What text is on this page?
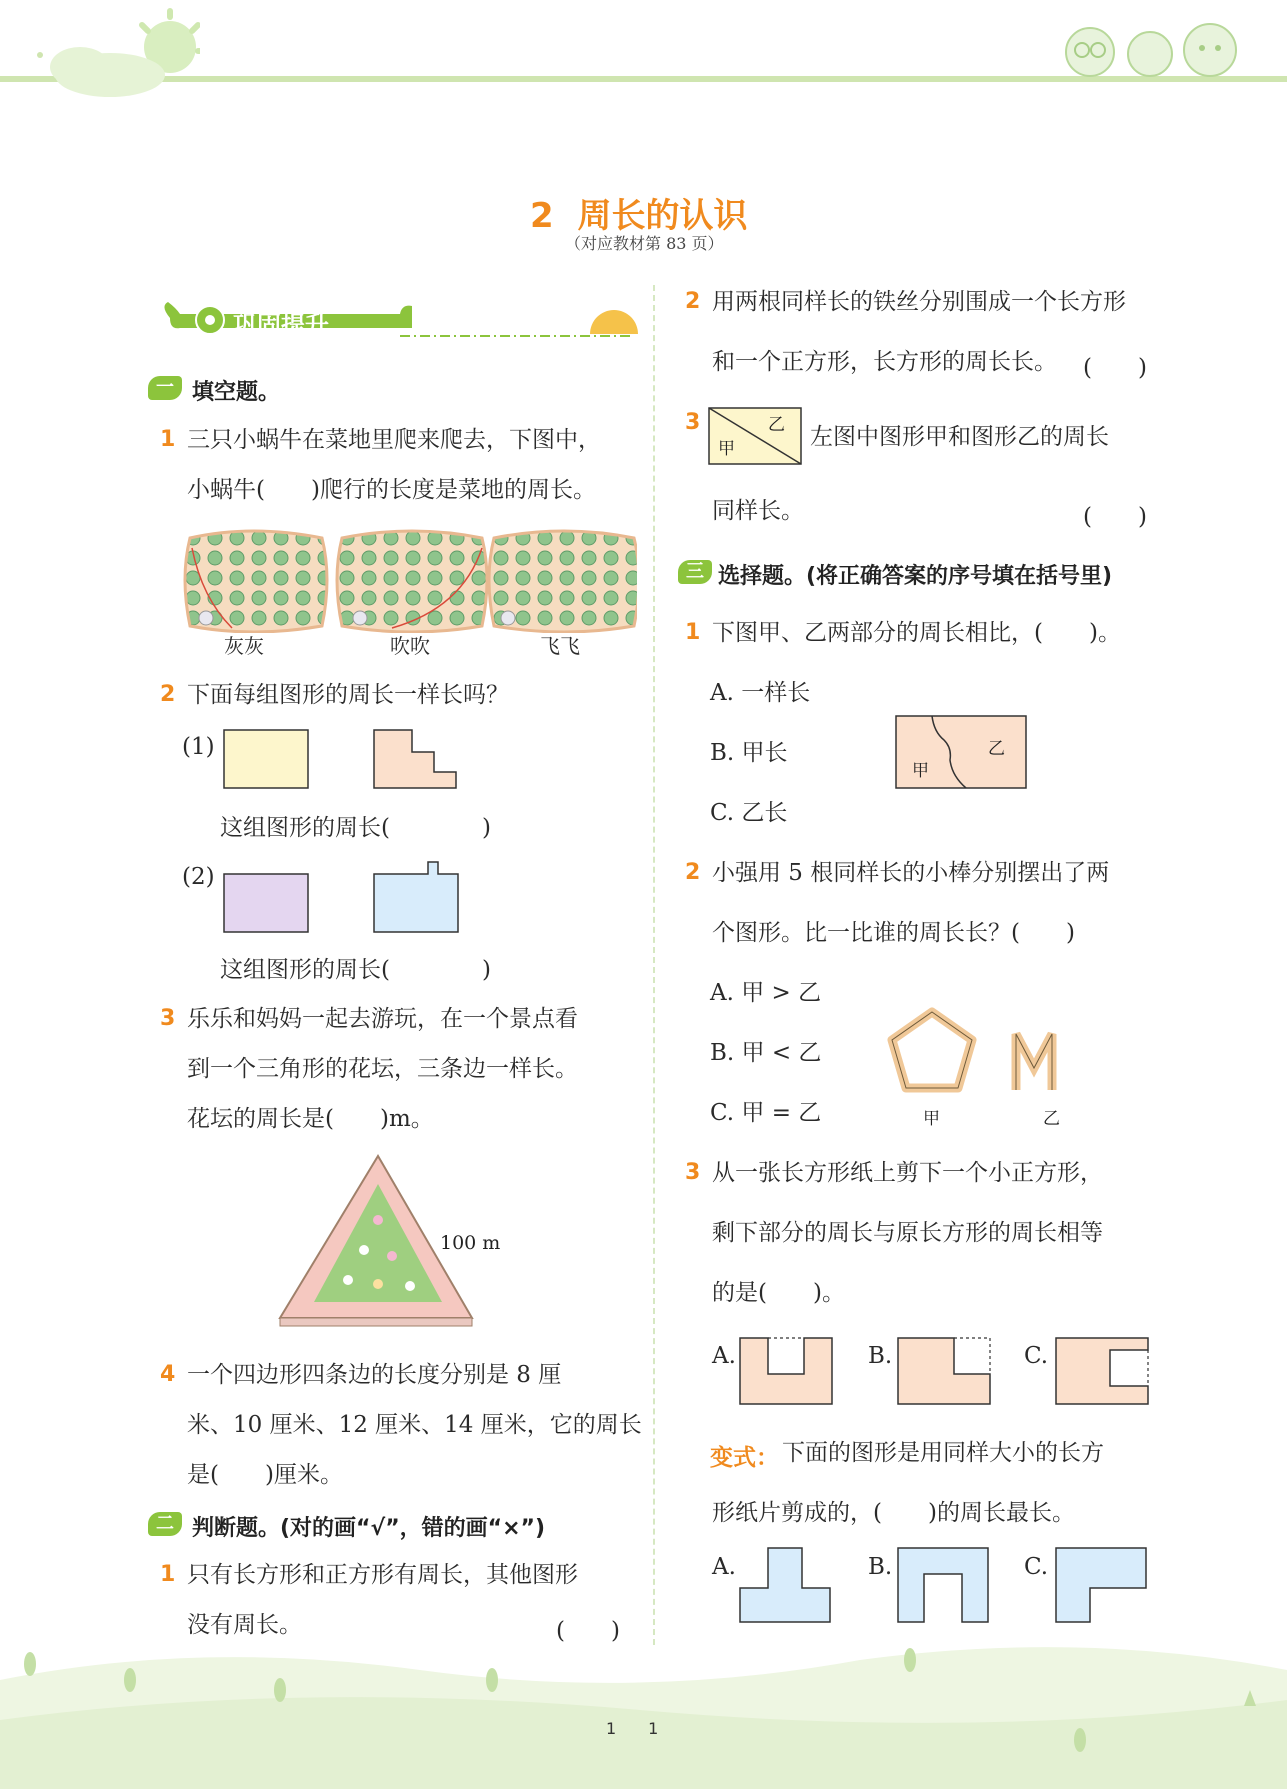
2 周长的认识
（对应教材第 83 页）
巩固提升
一 填空题。
1 三只小蜗牛在菜地里爬来爬去，下图中，
小蜗牛(　　)爬行的长度是菜地的周长。
灰灰	吹吹	飞飞
2 下面每组图形的周长一样长吗？
(1)
这组图形的周长(　　　　)
(2)
这组图形的周长(　　　　)
3 乐乐和妈妈一起去游玩，在一个景点看
到一个三角形的花坛，三条边一样长。
花坛的周长是(　　)m。
100 m
4 一个四边形四条边的长度分别是 8 厘
米、10 厘米、12 厘米、14 厘米，它的周长
是(　　)厘米。
二 判断题。(对的画“√”，错的画“×”)
1 只有长方形和正方形有周长，其他图形
没有周长。	(　　)
2 用两根同样长的铁丝分别围成一个长方形
和一个正方形，长方形的周长长。 (　　)
3	乙
甲	左图中图形甲和图形乙的周长
同样长。	(　　)
三 选择题。(将正确答案的序号填在括号里)
1 下图甲、乙两部分的周长相比，(　　)。
A. 一样长
B. 甲长
C. 乙长
乙
甲
2 小强用 5 根同样长的小棒分别摆出了两
个图形。比一比谁的周长长？(　　)
A. 甲 > 乙
B. 甲 < 乙
C. 甲 = 乙	甲	乙
3 从一张长方形纸上剪下一个小正方形，
剩下部分的周长与原长方形的周长相等
的是(　　)。
A.	B.	C.
变式： 下面的图形是用同样大小的长方
形纸片剪成的，(　　)的周长最长。
A.	B.	C.
1　　1
